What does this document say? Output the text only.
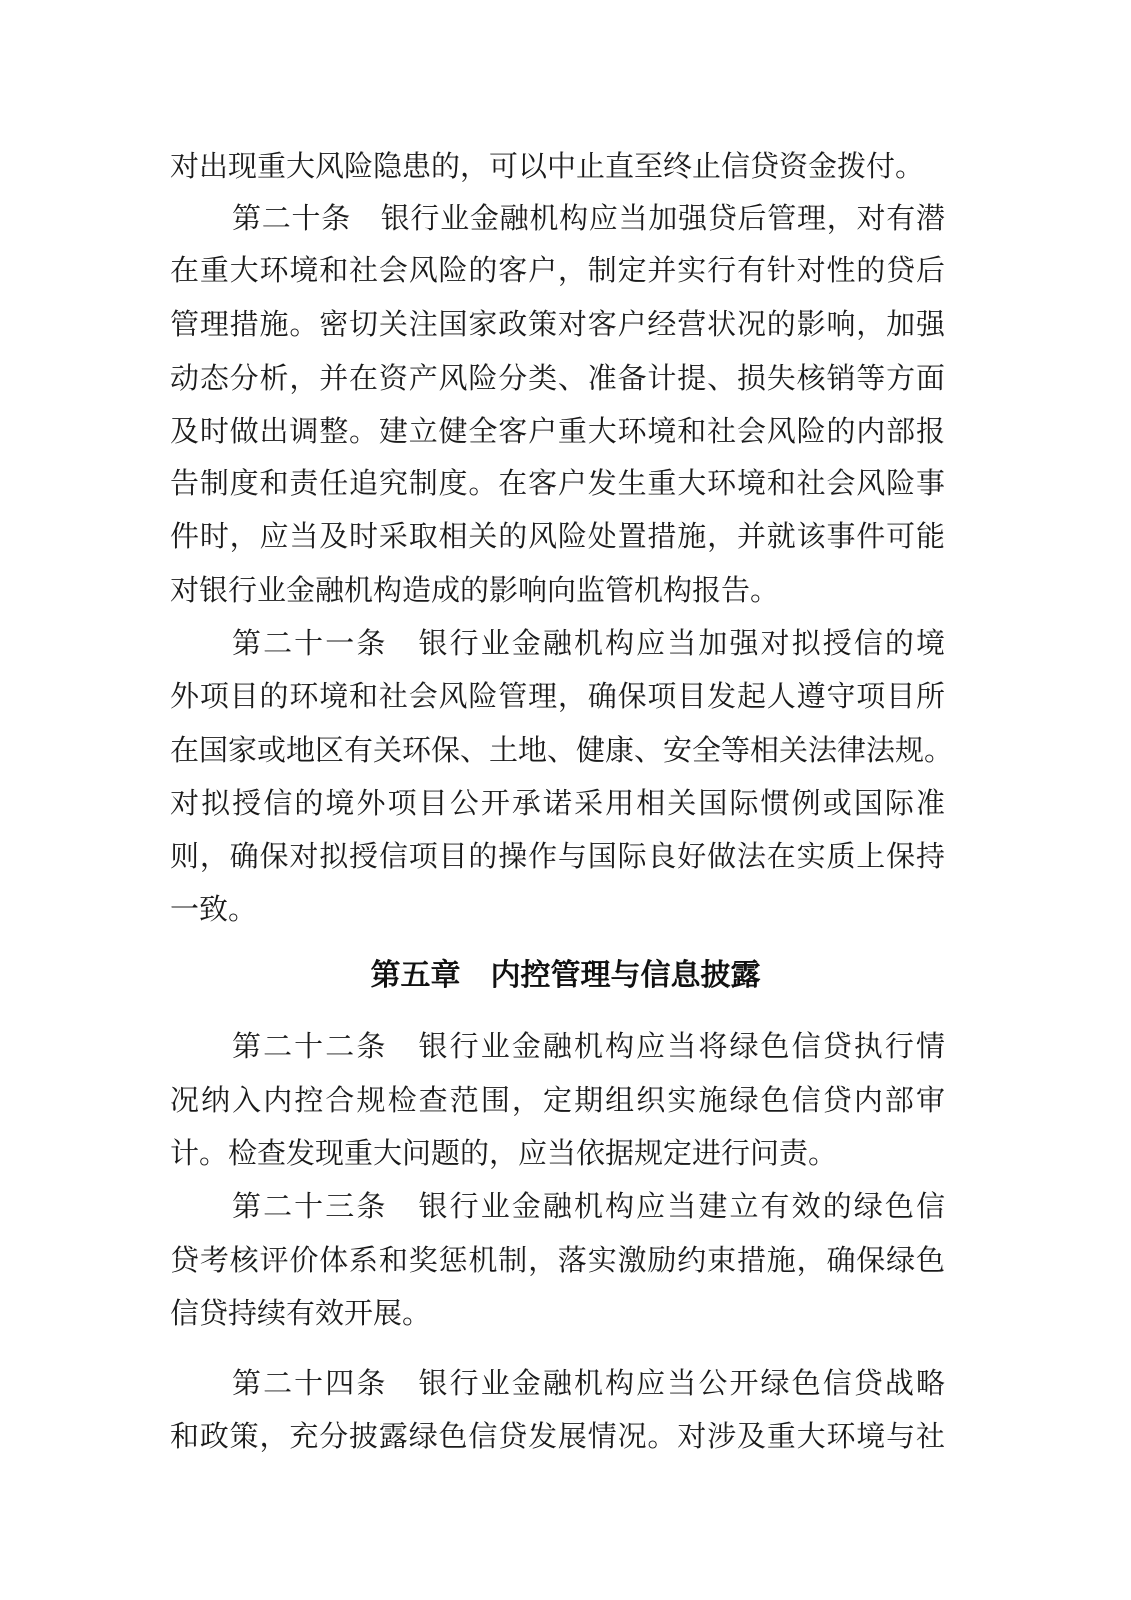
对出现重大风险隐患的，可以中止直至终止信贷资金拨付。
第二十条　银行业金融机构应当加强贷后管理，对有潜
在重大环境和社会风险的客户，制定并实行有针对性的贷后
管理措施。密切关注国家政策对客户经营状况的影响，加强
动态分析，并在资产风险分类、准备计提、损失核销等方面
及时做出调整。建立健全客户重大环境和社会风险的内部报
告制度和责任追究制度。在客户发生重大环境和社会风险事
件时，应当及时采取相关的风险处置措施，并就该事件可能
对银行业金融机构造成的影响向监管机构报告。
第二十一条　银行业金融机构应当加强对拟授信的境
外项目的环境和社会风险管理，确保项目发起人遵守项目所
在国家或地区有关环保、土地、健康、安全等相关法律法规。
对拟授信的境外项目公开承诺采用相关国际惯例或国际准
则，确保对拟授信项目的操作与国际良好做法在实质上保持
一致。
第五章　内控管理与信息披露
第二十二条　银行业金融机构应当将绿色信贷执行情
况纳入内控合规检查范围，定期组织实施绿色信贷内部审
计。检查发现重大问题的，应当依据规定进行问责。
第二十三条　银行业金融机构应当建立有效的绿色信
贷考核评价体系和奖惩机制，落实激励约束措施，确保绿色
信贷持续有效开展。
第二十四条　银行业金融机构应当公开绿色信贷战略
和政策，充分披露绿色信贷发展情况。对涉及重大环境与社
